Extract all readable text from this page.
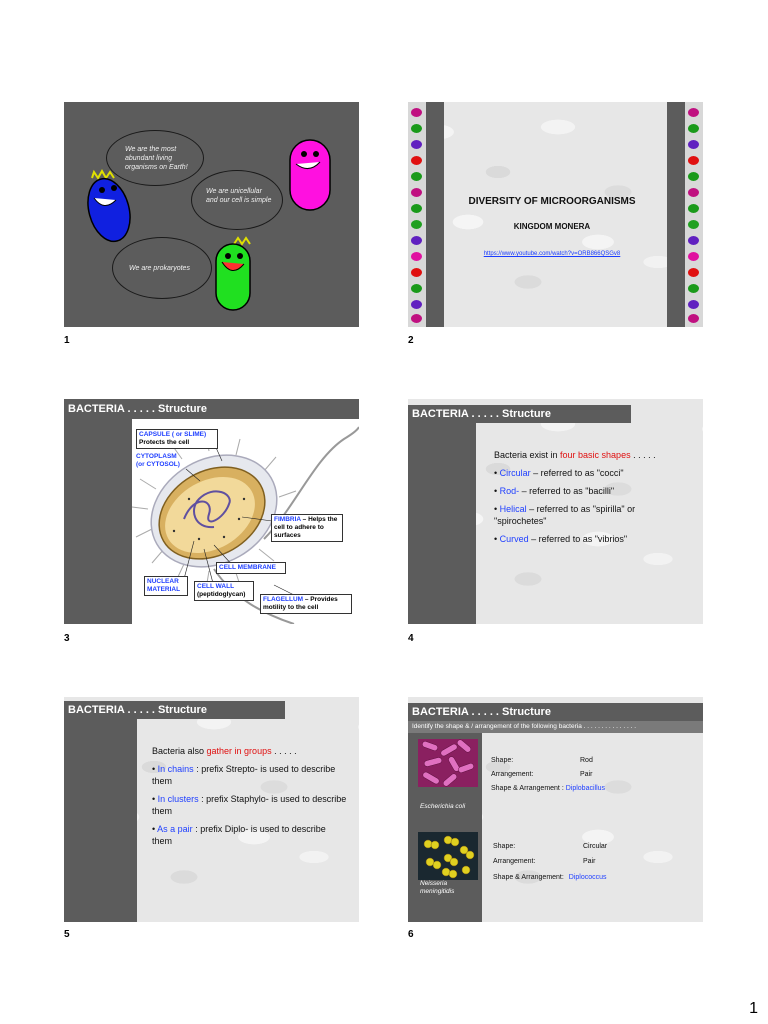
We are the most abundant living organisms on Earth!
We are unicellular and our cell is simple
We are prokaryotes
1
DIVERSITY OF MICROORGANISMS
KINGDOM MONERA
https://www.youtube.com/watch?v=ORB866QSGv8
2
BACTERIA . . . . . Structure
CAPSULE ( or SLIME)
Protects the cell
CYTOPLASM
(or CYTOSOL)
FIMBRIA – Helps the cell to adhere to surfaces
CELL MEMBRANE
NUCLEAR MATERIAL	CELL WALL
(peptidoglycan)
FLAGELLUM – Provides motility to the cell
3
BACTERIA . . . . . Structure

Bacteria exist in four basic shapes . . . . .

• Circular – referred to as "cocci"

• Rod- – referred to as "bacilli"

• Helical – referred to as "spirilla" or "spirochetes"

• Curved – referred to as "vibrios"

4
BACTERIA . . . . . Structure

Bacteria also gather in groups . . . . .

• In chains : prefix Strepto- is used to describe them

• In clusters : prefix Staphylo- is used to describe them

• As a pair : prefix Diplo- is used to describe them

5
BACTERIA . . . . . Structure
Identify the shape & / arrangement of the following bacteria . . . . . . . . . . . . . . .
Escherichia coli
Shape:	Rod
Arrangement:	Pair
Shape & Arrangement : Diplobacillus
Neisseria meningitidis
Shape:	Circular
Arrangement:	Pair
Shape & Arrangement: Diplococcus
6
1
